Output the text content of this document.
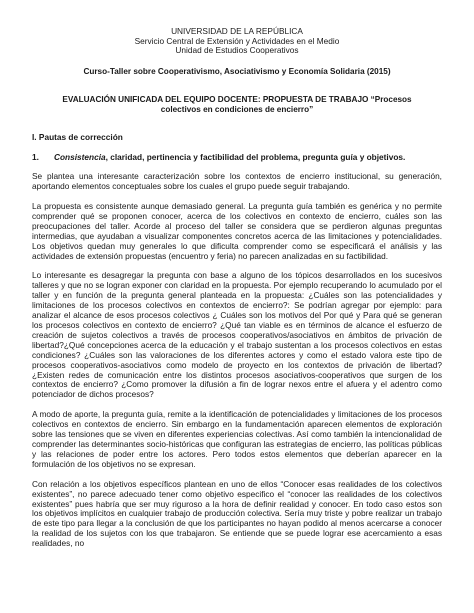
UNIVERSIDAD DE LA REPÚBLICA
Servicio Central de Extensión y Actividades en el Medio
Unidad de Estudios Cooperativos
Curso-Taller sobre Cooperativismo, Asociativismo y Economía Solidaria (2015)
EVALUACIÓN UNIFICADA DEL EQUIPO DOCENTE: PROPUESTA DE TRABAJO “Procesos colectivos en condiciones de encierro”
I. Pautas de corrección
1.	Consistencia, claridad, pertinencia y factibilidad del problema, pregunta guía y objetivos.

Se plantea una interesante caracterización sobre los contextos de encierro institucional, su generación, aportando elementos conceptuales sobre los cuales el grupo puede seguir trabajando.

La propuesta es consistente aunque demasiado general. La pregunta guía también es genérica y no permite comprender qué se proponen conocer, acerca de los colectivos en contexto de encierro, cuáles son las preocupaciones del taller. Acorde al proceso del taller se considera que se perdieron algunas preguntas intermedias, que ayudaban a visualizar componentes concretos acerca de las limitaciones y potencialidades. Los objetivos quedan muy generales lo que dificulta comprender como se especificará el análisis y las actividades de extensión propuestas (encuentro y feria) no parecen analizadas en su factibilidad.

Lo interesante es desagregar la pregunta con base a alguno de los tópicos desarrollados en los sucesivos talleres y que no se logran exponer con claridad en la propuesta. Por ejemplo recuperando lo acumulado por el taller y en función de la pregunta general planteada en la propuesta: ¿Cuáles son las potencialidades y limitaciones de los procesos colectivos en contextos de encierro?: Se podrían agregar por ejemplo: para analizar el alcance de esos procesos colectivos ¿ Cuáles son los motivos del Por qué y Para qué se generan los procesos colectivos en contexto de encierro? ¿Qué tan viable es en términos de alcance el esfuerzo de creación de sujetos colectivos a través de procesos cooperativos/asociativos en ámbitos de privación de libertad?¿Qué concepciones acerca de la educación y el trabajo sustentan a los procesos colectivos en estas condiciones? ¿Cuáles son las valoraciones de los diferentes actores y como el estado valora este tipo de procesos cooperativos-asociativos como modelo de proyecto en los contextos de privación de libertad?¿Existen redes de comunicación entre los distintos procesos asociativos-cooperativos que surgen de los contextos de encierro? ¿Como promover la difusión a fin de lograr nexos entre el afuera y el adentro como potenciador de dichos procesos?

A modo de aporte, la pregunta guía, remite a la identificación de potencialidades y limitaciones de los procesos colectivos en contextos de encierro. Sin embargo en la fundamentación aparecen elementos de exploración sobre las tensiones que se viven en diferentes experiencias colectivas. Así como también la intencionalidad de comprender las determinantes socio-históricas que configuran las estrategias de encierro, las políticas públicas y las relaciones de poder entre los actores. Pero todos estos elementos que deberían aparecer en la formulación de los objetivos no se expresan.

Con relación a los objetivos específicos plantean en uno de ellos “Conocer esas realidades de los colectivos existentes”, no parece adecuado tener como objetivo especifico el “conocer las realidades de los colectivos existentes” pues habría que ser muy riguroso a la hora de definir realidad y conocer. En todo caso estos son los objetivos implícitos en cualquier trabajo de producción colectiva. Sería muy triste y pobre realizar un trabajo de este tipo para llegar a la conclusión de que los participantes no hayan podido al menos acercarse a conocer la realidad de los sujetos con los que trabajaron. Se entiende que se puede lograr ese acercamiento a esas realidades, no
